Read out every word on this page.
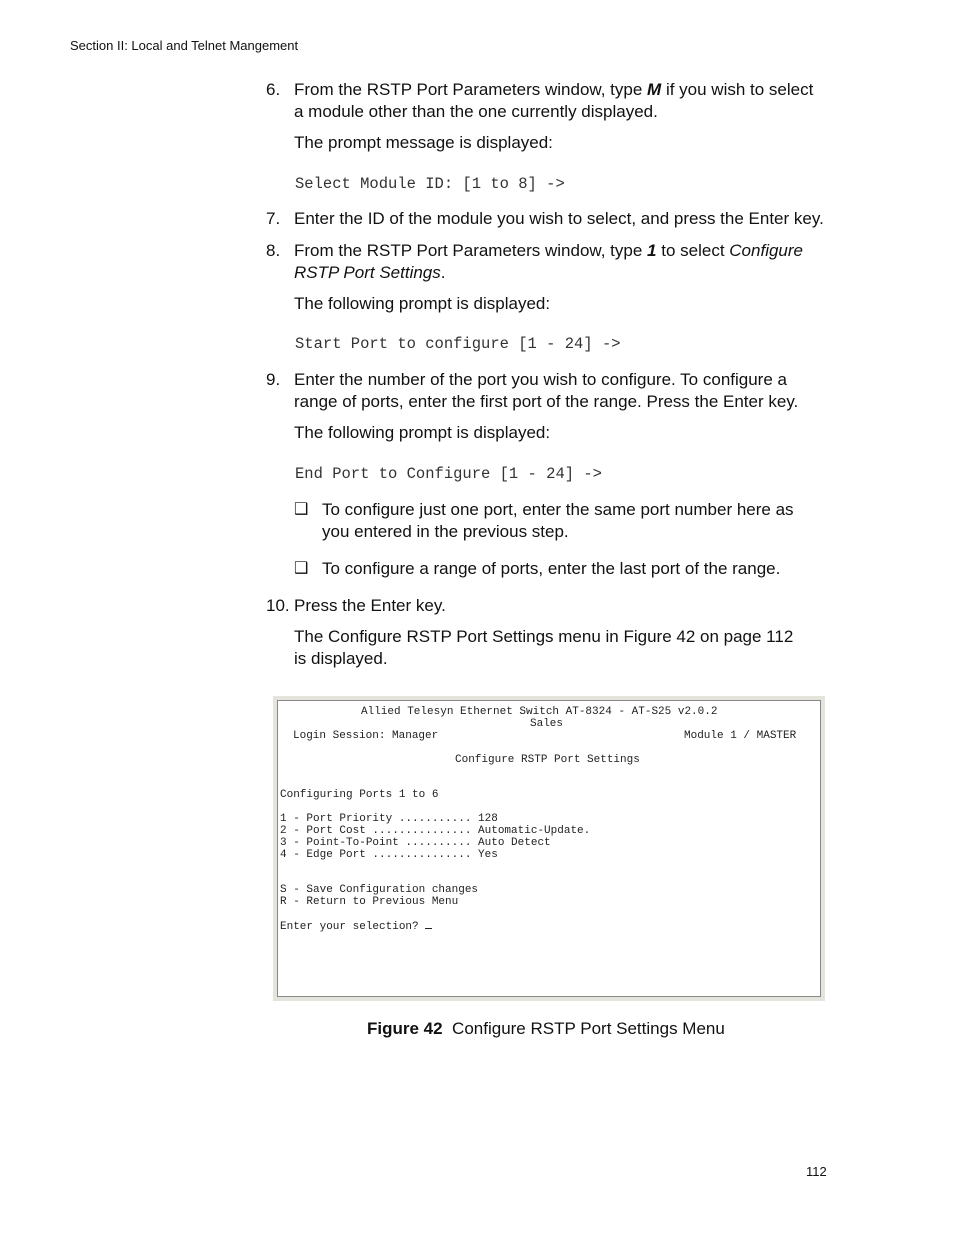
Section II: Local and Telnet Mangement
6. From the RSTP Port Parameters window, type M if you wish to select
a module other than the one currently displayed.
The prompt message is displayed:
Select Module ID: [1 to 8] ->
7. Enter the ID of the module you wish to select, and press the Enter key.
8. From the RSTP Port Parameters window, type 1 to select Configure
RSTP Port Settings.
The following prompt is displayed:
Start Port to configure [1 - 24] ->
9. Enter the number of the port you wish to configure. To configure a
range of ports, enter the first port of the range. Press the Enter key.
The following prompt is displayed:
End Port to Configure [1 - 24] ->
❑ To configure just one port, enter the same port number here as
you entered in the previous step.
❑ To configure a range of ports, enter the last port of the range.
10. Press the Enter key.
The Configure RSTP Port Settings menu in Figure 42 on page 112
is displayed.
Allied Telesyn Ethernet Switch AT-8324 - AT-S25 v2.0.2
Sales
Login Session: Manager	Module 1 / MASTER
Configure RSTP Port Settings
Configuring Ports 1 to 6
1 - Port Priority ........... 128
2 - Port Cost ............... Automatic-Update.
3 - Point-To-Point .......... Auto Detect
4 - Edge Port ............... Yes
S - Save Configuration changes
R - Return to Previous Menu
Enter your selection?
Figure 42 Configure RSTP Port Settings Menu
112
